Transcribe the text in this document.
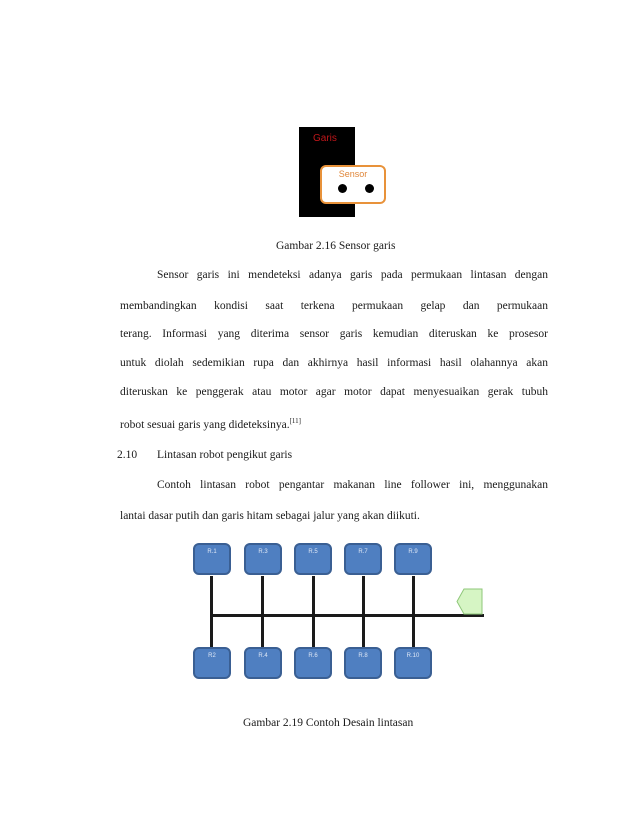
Garis
Sensor
Gambar 2.16 Sensor garis
Sensor garis ini mendeteksi adanya garis pada permukaan lintasan dengan
membandingkan kondisi saat terkena permukaan gelap dan permukaan
terang. Informasi yang diterima sensor garis kemudian diteruskan ke prosesor
untuk diolah sedemikian rupa dan akhirnya hasil informasi hasil olahannya akan
diteruskan ke penggerak atau motor agar motor dapat menyesuaikan gerak tubuh
robot sesuai garis yang dideteksinya.[11]
2.10 Lintasan robot pengikut garis
Contoh lintasan robot pengantar makanan line follower ini, menggunakan
lantai dasar putih dan garis hitam sebagai jalur yang akan diikuti.
R.1	R.3	R.5	R.7	R.9
R2	R.4	R.6	R.8	R.10
Gambar 2.19 Contoh Desain lintasan
